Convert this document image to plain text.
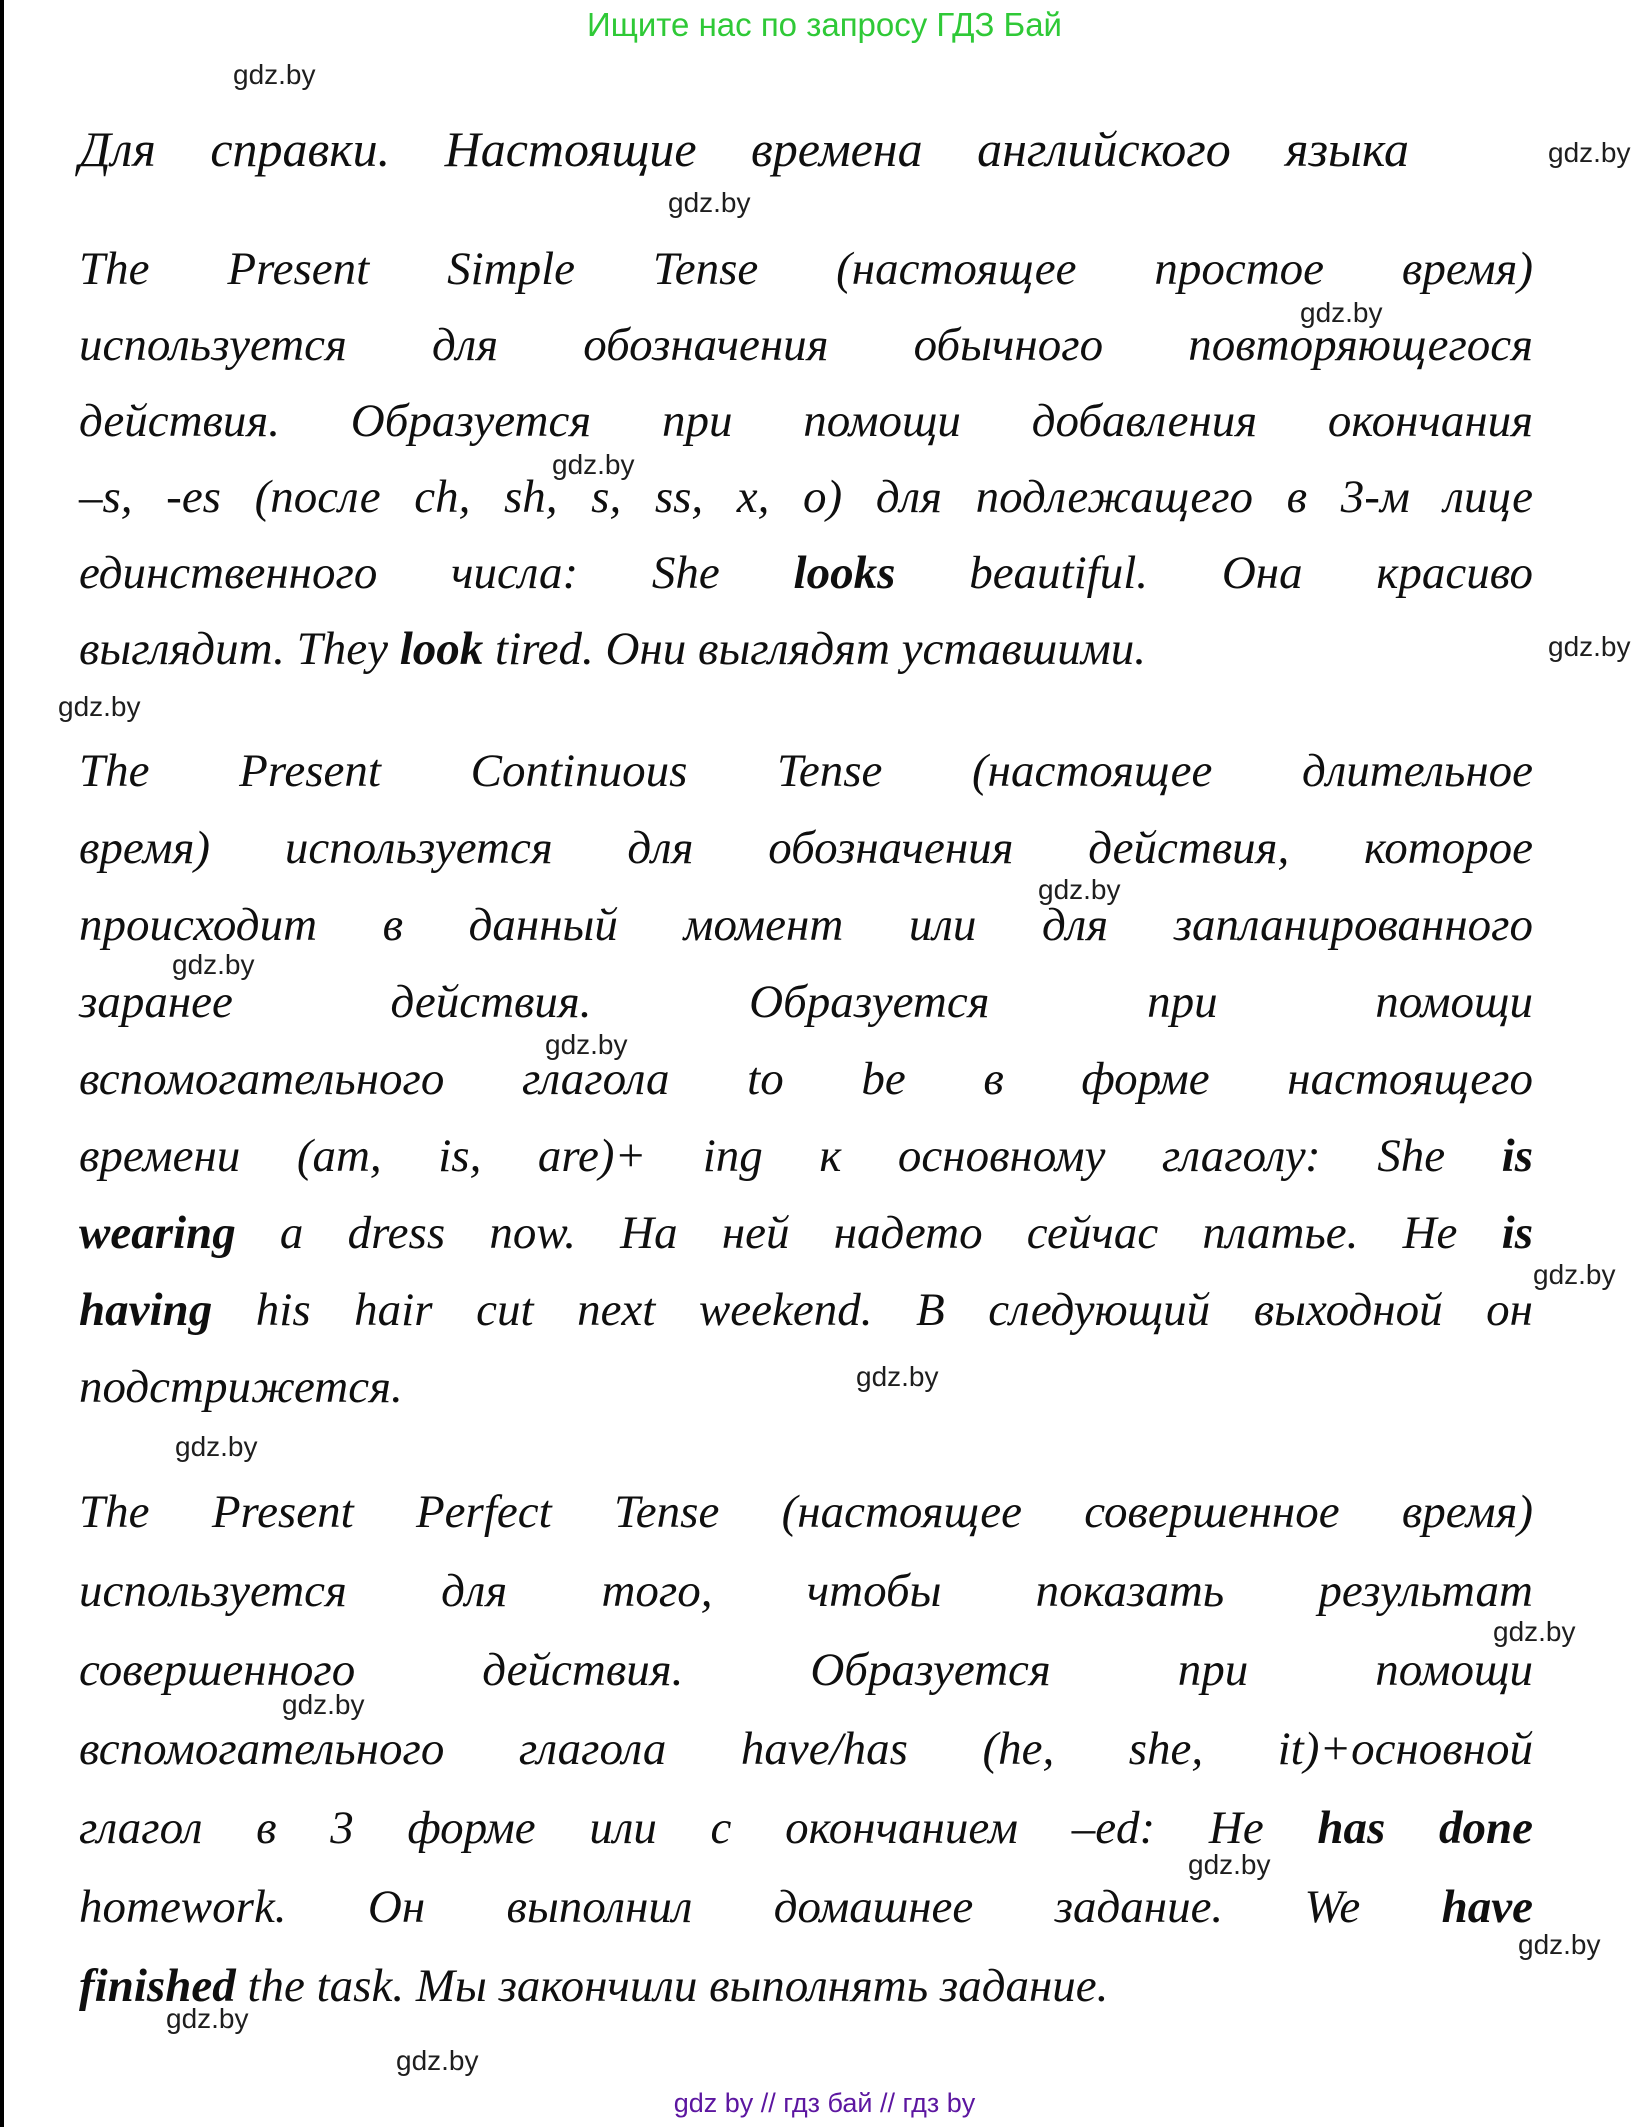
Ищите нас по запросу ГДЗ Бай
Для справки. Настоящие времена английского языка
The Present Simple Tense (настоящее простое время)
используется для обозначения обычного повторяющегося
действия. Образуется при помощи добавления окончания
–s, -es (после ch, sh, s, ss, x, o) для подлежащего в 3-м лице
единственного числа: She looks beautiful. Она красиво
выглядит. They look tired. Они выглядят уставшими.
The Present Continuous Tense (настоящее длительное
время) используется для обозначения действия, которое
происходит в данный момент или для запланированного
заранее действия. Образуется при помощи
вспомогательного глагола to be в форме настоящего
времени (am, is, are)+ ing к основному глаголу: She is
wearing a dress now. На ней надето сейчас платье. He is
having his hair cut next weekend. В следующий выходной он
подстрижется.
The Present Perfect Tense (настоящее совершенное время)
используется для того, чтобы показать результат
совершенного действия. Образуется при помощи
вспомогательного глагола have/has (he, she, it)+основной
глагол в 3 форме или с окончанием –ed: He has done
homework. Он выполнил домашнее задание. We have
finished the task. Мы закончили выполнять задание.
gdz.by
gdz.by
gdz.by
gdz.by
gdz.by
gdz.by
gdz.by
gdz.by
gdz.by
gdz.by
gdz.by
gdz.by
gdz.by
gdz.by
gdz.by
gdz.by
gdz.by
gdz.by
gdz.by
gdz by // гдз бай // гдз by
